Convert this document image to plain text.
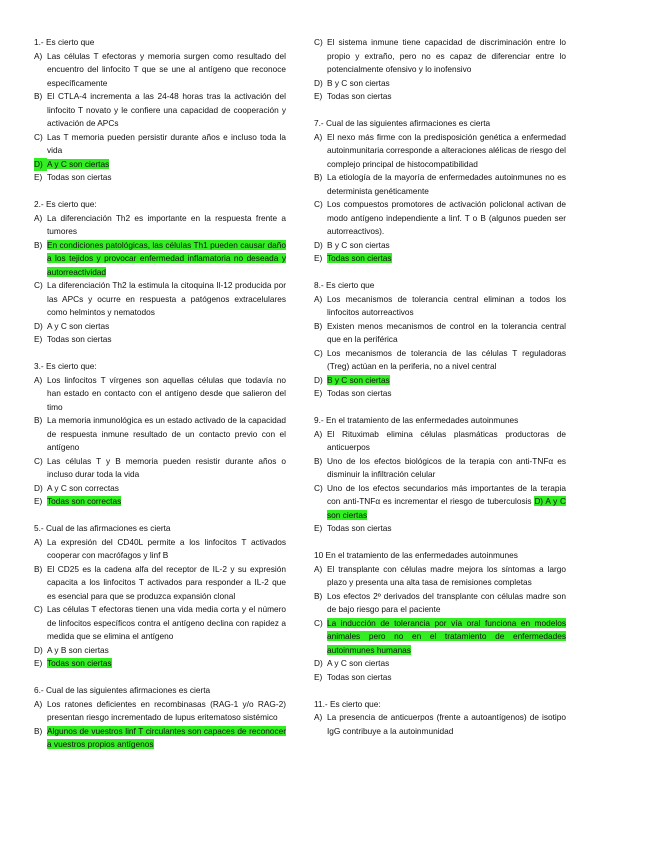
1.- Es cierto que
A) Las células T efectoras y memoria surgen como resultado del encuentro del linfocito T que se une al antígeno que reconoce específicamente
B) El CTLA-4 incrementa a las 24-48 horas tras la activación del linfocito T novato y le confiere una capacidad de cooperación y activación de APCs
C) Las T memoria pueden persistir durante años e incluso toda la vida
D) A y C son ciertas
E) Todas son ciertas
2.- Es cierto que:
A) La diferenciación Th2 es importante en la respuesta frente a tumores
B) En condiciones patológicas, las células Th1 pueden causar daño a los tejidos y provocar enfermedad inflamatoria no deseada y autorreactividad
C) La diferenciación Th2 la estimula la citoquina Il-12 producida por las APCs y ocurre en respuesta a patógenos extracelulares como helmintos y nematodos
D) A y C son ciertas
E) Todas son ciertas
3.- Es cierto que:
A) Los linfocitos T vírgenes son aquellas células que todavía no han estado en contacto con el antígeno desde que salieron del timo
B) La memoria inmunológica es un estado activado de la capacidad de respuesta inmune resultado de un contacto previo con el antígeno
C) Las células T y B memoria pueden resistir durante años o incluso durar toda la vida
D) A y C son correctas
E) Todas son correctas
5.- Cual de las afirmaciones es cierta
A) La expresión del CD40L permite a los linfocitos T activados cooperar con macrófagos y linf B
B) El CD25 es la cadena alfa del receptor de IL-2 y su expresión capacita a los linfocitos T activados para responder a IL-2 que es esencial para que se produzca expansión clonal
C) Las células T efectoras tienen una vida media corta y el número de linfocitos específicos contra el antígeno declina con rapidez a medida que se elimina el antígeno
D) A y B son ciertas
E) Todas son ciertas
6.- Cual de las siguientes afirmaciones es cierta
A) Los ratones deficientes en recombinasas (RAG-1 y/o RAG-2) presentan riesgo incrementado de lupus eritematoso sistémico
B) Algunos de vuestros linf T circulantes son capaces de reconocer a vuestros propios antígenos
C) El sistema inmune tiene capacidad de discriminación entre lo propio y extraño, pero no es capaz de diferenciar entre lo potencialmente ofensivo y lo inofensivo
D) B y C son ciertas
E) Todas son ciertas
7.- Cual de las siguientes afirmaciones es cierta
A) El nexo más firme con la predisposición genética a enfermedad autoinmunitaria corresponde a alteraciones alélicas de riesgo del complejo principal de histocompatibilidad
B) La etiología de la mayoría de enfermedades autoinmunes no es determinista genéticamente
C) Los compuestos promotores de activación policlonal activan de modo antígeno independiente a linf. T o B (algunos pueden ser autorreactivos).
D) B y C son ciertas
E) Todas son ciertas
8.- Es cierto que
A) Los mecanismos de tolerancia central eliminan a todos los linfocitos autorreactivos
B) Existen menos mecanismos de control en la tolerancia central que en la periférica
C) Los mecanismos de tolerancia de las células T reguladoras (Treg) actúan en la periferia, no a nivel central
D) B y C son ciertas
E) Todas son ciertas
9.- En el tratamiento de las enfermedades autoinmunes
A) El Rituximab elimina células plasmáticas productoras de anticuerpos
B) Uno de los efectos biológicos de la terapia con anti-TNFα es disminuir la infiltración celular
C) Uno de los efectos secundarios más importantes de la terapia con anti-TNFα es incrementar el riesgo de tuberculosis D) A y C son ciertas
E) Todas son ciertas
10 En el tratamiento de las enfermedades autoinmunes
A) El transplante con células madre mejora los síntomas a largo plazo y presenta una alta tasa de remisiones completas
B) Los efectos 2º derivados del transplante con células madre son de bajo riesgo para el paciente
C) La inducción de tolerancia por vía oral funciona en modelos animales pero no en el tratamiento de enfermedades autoinmunes humanas
D) A y C son ciertas
E) Todas son ciertas
11.- Es cierto que:
A) La presencia de anticuerpos (frente a autoantígenos) de isotipo IgG contribuye a la autoinmunidad
